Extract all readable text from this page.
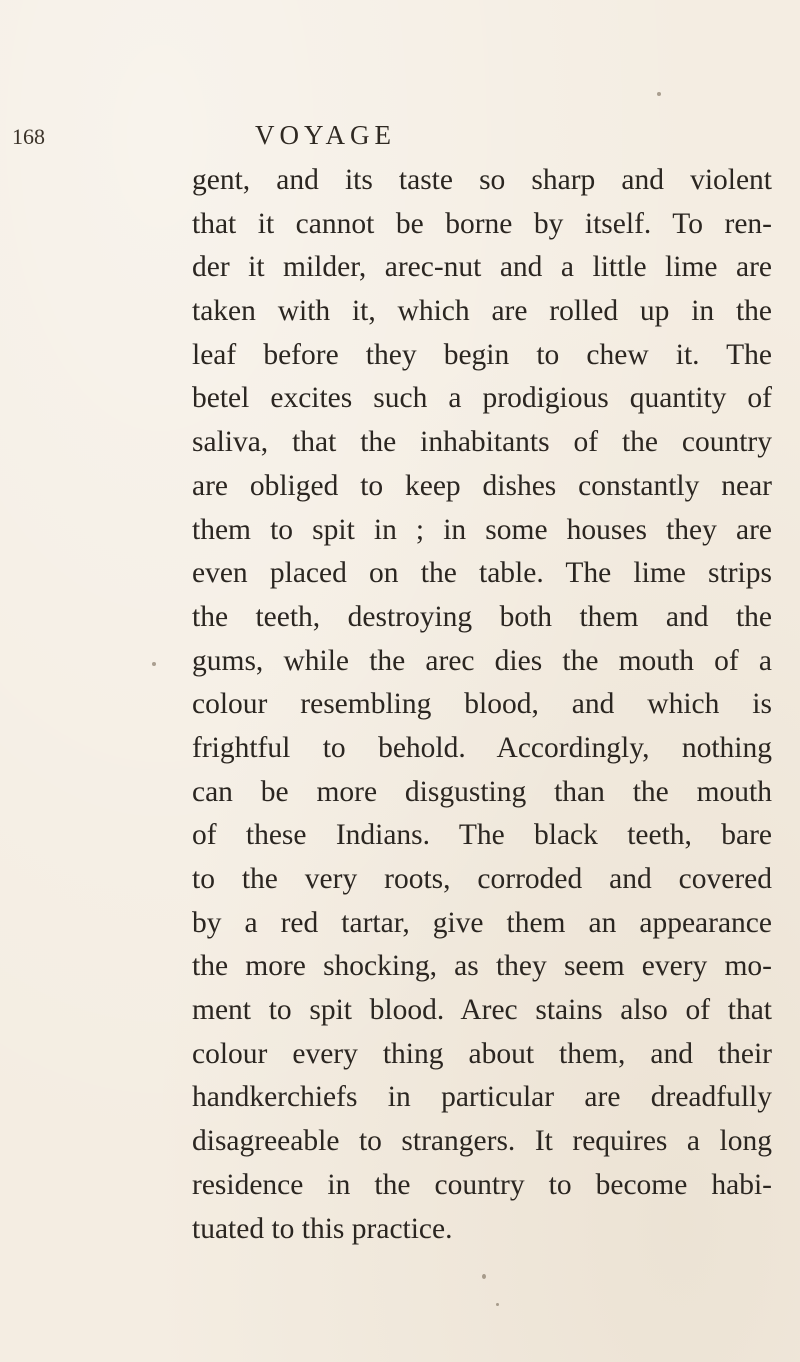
168	VOYAGE
gent, and its taste so sharp and violent
that it cannot be borne by itself. To ren-
der it milder, arec-nut and a little lime are
taken with it, which are rolled up in the
leaf before they begin to chew it. The
betel excites such a prodigious quantity of
saliva, that the inhabitants of the country
are obliged to keep dishes constantly near
them to spit in ; in some houses they are
even placed on the table. The lime strips
the teeth, destroying both them and the
gums, while the arec dies the mouth of a
colour resembling blood, and which is
frightful to behold. Accordingly, nothing
can be more disgusting than the mouth
of these Indians. The black teeth, bare
to the very roots, corroded and covered
by a red tartar, give them an appearance
the more shocking, as they seem every mo-
ment to spit blood. Arec stains also of that
colour every thing about them, and their
handkerchiefs in particular are dreadfully
disagreeable to strangers. It requires a long
residence in the country to become habi-
tuated to this practice.
